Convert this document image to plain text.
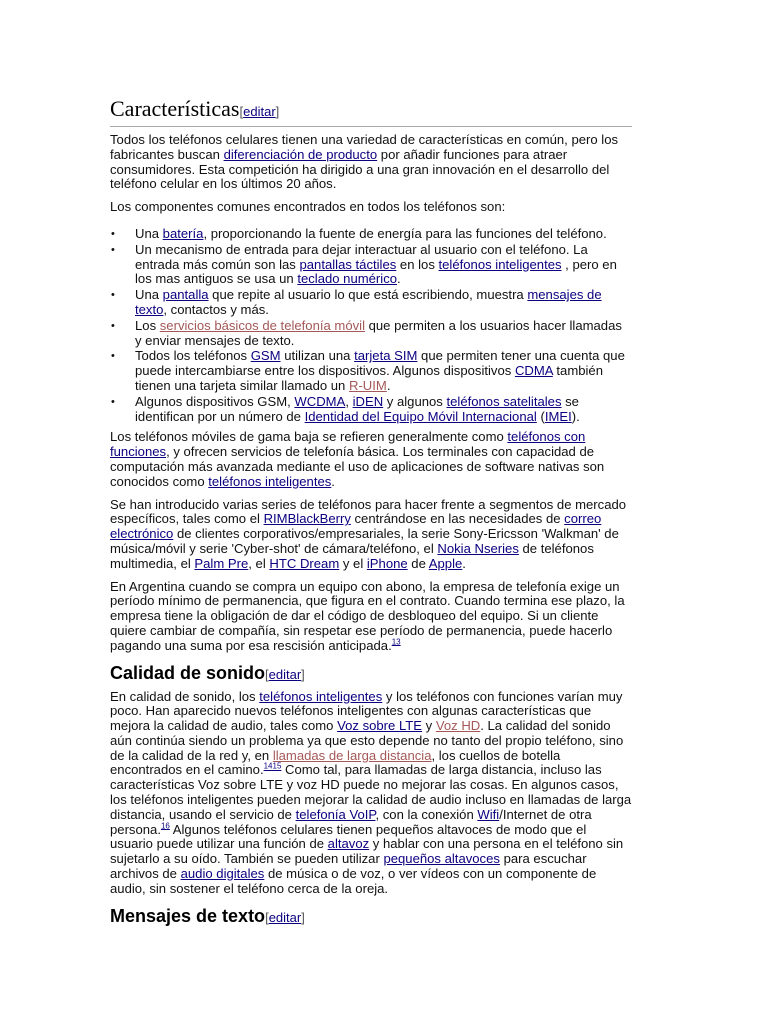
Características[editar]

Todos los teléfonos celulares tienen una variedad de características en común, pero los fabricantes buscan diferenciación de producto por añadir funciones para atraer consumidores. Esta competición ha dirigido a una gran innovación en el desarrollo del teléfono celular en los últimos 20 años.

Los componentes comunes encontrados en todos los teléfonos son:

• Una batería, proporcionando la fuente de energía para las funciones del teléfono.
• Un mecanismo de entrada para dejar interactuar al usuario con el teléfono. La entrada más común son las pantallas táctiles en los teléfonos inteligentes , pero en los mas antiguos se usa un teclado numérico.
• Una pantalla que repite al usuario lo que está escribiendo, muestra mensajes de texto, contactos y más.
• Los servicios básicos de telefonía móvil que permiten a los usuarios hacer llamadas y enviar mensajes de texto.
• Todos los teléfonos GSM utilizan una tarjeta SIM que permiten tener una cuenta que puede intercambiarse entre los dispositivos. Algunos dispositivos CDMA también tienen una tarjeta similar llamado un R-UIM.
• Algunos dispositivos GSM, WCDMA, iDEN y algunos teléfonos satelitales se identifican por un número de Identidad del Equipo Móvil Internacional (IMEI).

Los teléfonos móviles de gama baja se refieren generalmente como teléfonos con funciones, y ofrecen servicios de telefonía básica. Los terminales con capacidad de computación más avanzada mediante el uso de aplicaciones de software nativas son conocidos como teléfonos inteligentes.

Se han introducido varias series de teléfonos para hacer frente a segmentos de mercado específicos, tales como el RIMBlackBerry centrándose en las necesidades de correo electrónico de clientes corporativos/empresariales, la serie Sony-Ericsson 'Walkman' de música/móvil y serie 'Cyber-shot' de cámara/teléfono, el Nokia Nseries de teléfonos multimedia, el Palm Pre, el HTC Dream y el iPhone de Apple.

En Argentina cuando se compra un equipo con abono, la empresa de telefonía exige un período mínimo de permanencia, que figura en el contrato. Cuando termina ese plazo, la empresa tiene la obligación de dar el código de desbloqueo del equipo. Si un cliente quiere cambiar de compañía, sin respetar ese período de permanencia, puede hacerlo pagando una suma por esa rescisión anticipada.$^{13}$

Calidad de sonido[editar]

En calidad de sonido, los teléfonos inteligentes y los teléfonos con funciones varían muy poco. Han aparecido nuevos teléfonos inteligentes con algunas características que mejora la calidad de audio, tales como Voz sobre LTE y Voz HD. La calidad del sonido aún continúa siendo un problema ya que esto depende no tanto del propio teléfono, sino de la calidad de la red y, en llamadas de larga distancia, los cuellos de botella encontrados en el camino.$^{1415}$ Como tal, para llamadas de larga distancia, incluso las características Voz sobre LTE y voz HD puede no mejorar las cosas. En algunos casos, los teléfonos inteligentes pueden mejorar la calidad de audio incluso en llamadas de larga distancia, usando el servicio de telefonía VoIP, con la conexión Wifi/Internet de otra persona.$^{16}$ Algunos teléfonos celulares tienen pequeños altavoces de modo que el usuario puede utilizar una función de altavoz y hablar con una persona en el teléfono sin sujetarlo a su oído. También se pueden utilizar pequeños altavoces para escuchar archivos de audio digitales de música o de voz, o ver vídeos con un componente de audio, sin sostener el teléfono cerca de la oreja.

Mensajes de texto[editar]
